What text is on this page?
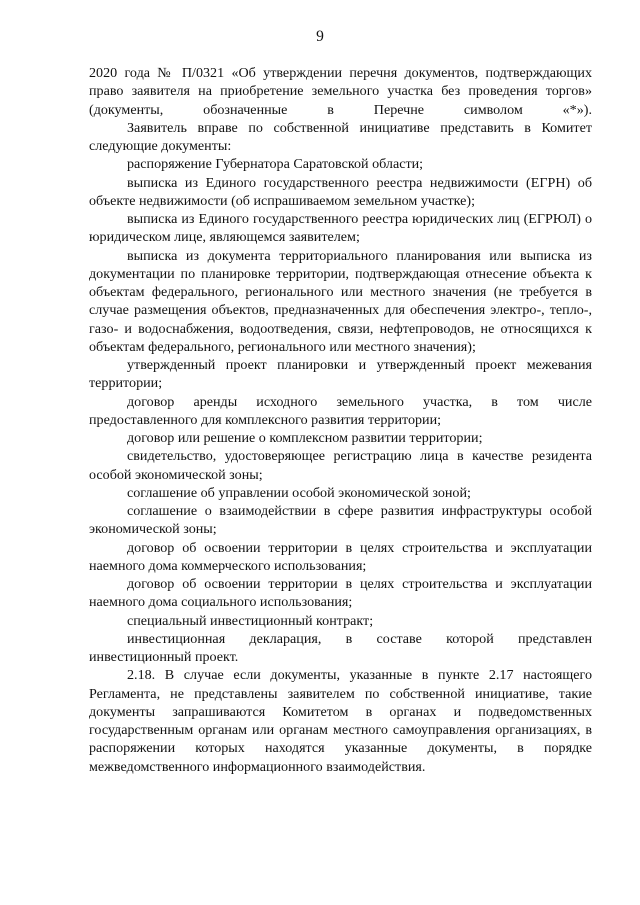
9

2020 года № П/0321 «Об утверждении перечня документов, подтверждающих право заявителя на приобретение земельного участка без проведения торгов» (документы, обозначенные в Перечне символом «*»).

Заявитель вправе по собственной инициативе представить в Комитет следующие документы:

распоряжение Губернатора Саратовской области;

выписка из Единого государственного реестра недвижимости (ЕГРН) об объекте недвижимости (об испрашиваемом земельном участке);

выписка из Единого государственного реестра юридических лиц (ЕГРЮЛ) о юридическом лице, являющемся заявителем;

выписка из документа территориального планирования или выписка из документации по планировке территории, подтверждающая отнесение объекта к объектам федерального, регионального или местного значения (не требуется в случае размещения объектов, предназначенных для обеспечения электро-, тепло-, газо- и водоснабжения, водоотведения, связи, нефтепроводов, не относящихся к объектам федерального, регионального или местного значения);

утвержденный проект планировки и утвержденный проект межевания территории;

договор аренды исходного земельного участка, в том числе предоставленного для комплексного развития территории;

договор или решение о комплексном развитии территории;

свидетельство, удостоверяющее регистрацию лица в качестве резидента особой экономической зоны;

соглашение об управлении особой экономической зоной;

соглашение о взаимодействии в сфере развития инфраструктуры особой экономической зоны;

договор об освоении территории в целях строительства и эксплуатации наемного дома коммерческого использования;

договор об освоении территории в целях строительства и эксплуатации наемного дома социального использования;

специальный инвестиционный контракт;

инвестиционная декларация, в составе которой представлен инвестиционный проект.

2.18. В случае если документы, указанные в пункте 2.17 настоящего Регламента, не представлены заявителем по собственной инициативе, такие документы запрашиваются Комитетом в органах и подведомственных государственным органам или органам местного самоуправления организациях, в распоряжении которых находятся указанные документы, в порядке межведомственного информационного взаимодействия.
